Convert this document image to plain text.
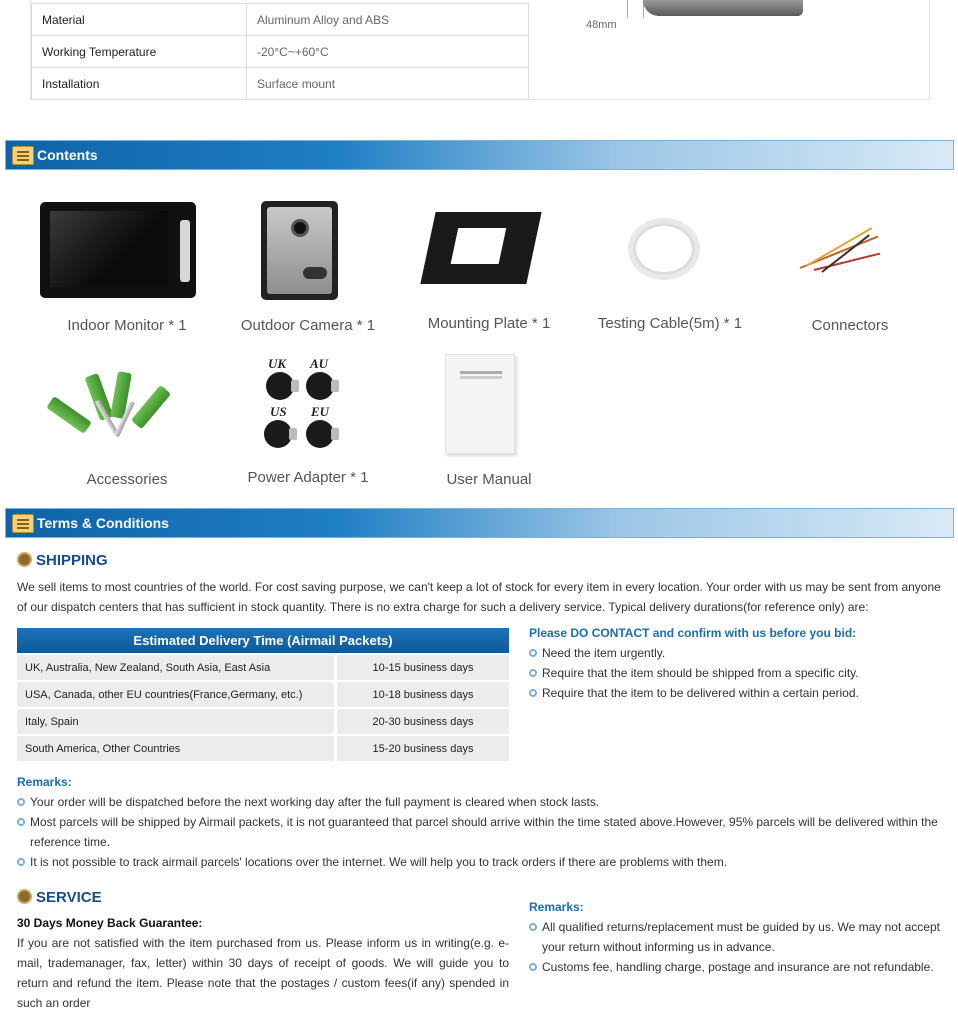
Material	Aluminum Alloy and ABS
Working Temperature	-20°C~+60°C
Installation	Surface mount
48mm
Contents
UK AU
US EU
Indoor Monitor * 1	Outdoor Camera * 1	Mounting Plate * 1	Testing Cable(5m) * 1	Connectors
Accessories	Power Adapter * 1	User Manual
Terms & Conditions
SHIPPING
We sell items to most countries of the world. For cost saving purpose, we can't keep a lot of stock for every item in every location. Your order with us may be sent from anyone of our dispatch centers that has sufficient in stock quantity. There is no extra charge for such a delivery service. Typical delivery durations(for reference only) are:
Estimated Delivery Time (Airmail Packets)	
UK, Australia, New Zealand, South Asia, East Asia	10-15 business days
USA, Canada, other EU countries(France,Germany, etc.)	10-18 business days
Italy, Spain	20-30 business days
South America, Other Countries	15-20 business days
Please DO CONTACT and confirm with us before you bid:
Need the item urgently.
Require that the item should be shipped from a specific city.
Require that the item to be delivered within a certain period.
Remarks:
Your order will be dispatched before the next working day after the full payment is cleared when stock lasts.
Most parcels will be shipped by Airmail packets, it is not guaranteed that parcel should arrive within the time stated above.However, 95% parcels will be delivered within the reference time.
It is not possible to track airmail parcels' locations over the internet. We will help you to track orders if there are problems with them.
SERVICE
30 Days Money Back Guarantee:
If you are not satisfied with the item purchased from us. Please inform us in writing(e.g. e-mail, trademanager, fax, letter) within 30 days of receipt of goods. We will guide you to return and refund the item. Please note that the postages / custom fees(if any) spended in such an order
Remarks:
All qualified returns/replacement must be guided by us. We may not accept your return without informing us in advance.
Customs fee, handling charge, postage and insurance are not refundable.
